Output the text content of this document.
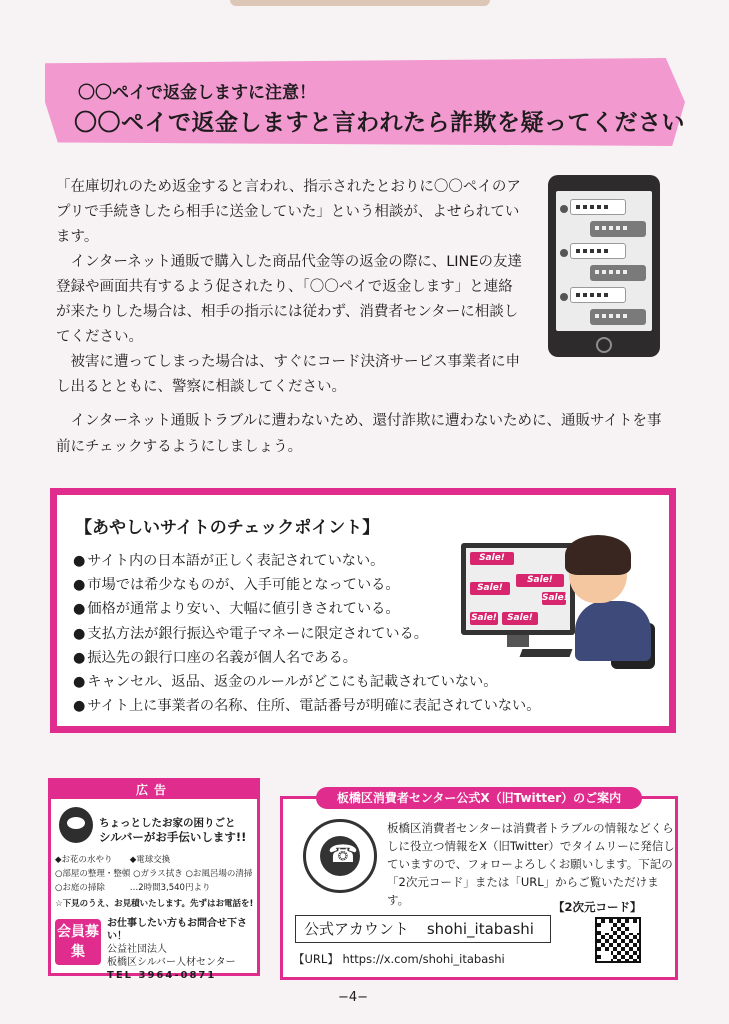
〇〇ペイで返金しますに注意！
〇〇ペイで返金しますと言われたら詐欺を疑ってください

「在庫切れのため返金すると言われ、指示されたとおりに〇〇ペイのアプリで手続きしたら相手に送金していた」という相談が、よせられています。

インターネット通販で購入した商品代金等の返金の際に、LINEの友達登録や画面共有するよう促されたり、「〇〇ペイで返金します」と連絡が来たりした場合は、相手の指示には従わず、消費者センターに相談してください。

被害に遭ってしまった場合は、すぐにコード決済サービス事業者に申し出るとともに、警察に相談してください。

インターネット通販トラブルに遭わないため、還付詐欺に遭わないために、通販サイトを事前にチェックするようにしましょう。
【あやしいサイトのチェックポイント】
● サイト内の日本語が正しく表記されていない。
● 市場では希少なものが、入手可能となっている。
● 価格が通常より安い、大幅に値引きされている。
● 支払方法が銀行振込や電子マネーに限定されている。
● 振込先の銀行口座の名義が個人名である。
● キャンセル、返品、返金のルールがどこにも記載されていない。
● サイト上に事業者の名称、住所、電話番号が明確に表記されていない。
Sale!
Sale!
Sale!
Sale!
Sale!	Sale!
広告
ちょっとしたお家の困りごと
シルバーがお手伝いします!!
◆お花の水やり ◆電球交換
○部屋の整理・整頓 ○ガラス拭き ○お風呂場の清掃
○お庭の掃除	…2時間3,540円より
☆下見のうえ、お見積いたします。先ずはお電話を!
会員募集
お仕事したい方もお問合せ下さい！
公益社団法人
板橋区シルバー人材センター
TEL 3964-0871
☎
板橋区消費者センターは消費者トラブルの情報などくらしに役立つ情報をX（旧Twitter）でタイムリーに発信していますので、フォローよろしくお願いします。下記の「2次元コード」または「URL」からご覧いただけます。	【2次元コード】
公式アカウント shohi_itabashi
【URL】 https://x.com/shohi_itabashi
板橋区消費者センター公式X（旧Twitter）のご案内
−4−
